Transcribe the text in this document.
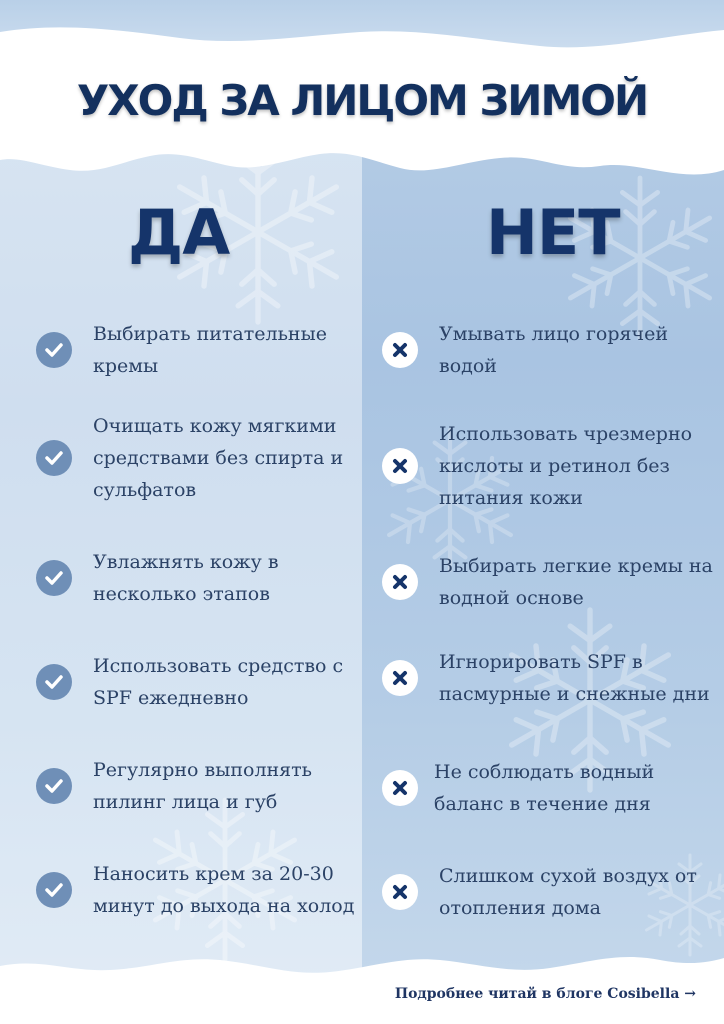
УХОД ЗА ЛИЦОМ ЗИМОЙ
ДА	НЕТ
Выбирать питательные кремы
Очищать кожу мягкими средствами без спирта и сульфатов
Увлажнять кожу в несколько этапов
Использовать средство с SPF ежедневно
Регулярно выполнять пилинг лица и губ
Наносить крем за 20-30 минут до выхода на холод
Умывать лицо горячей водой
Использовать чрезмерно кислоты и ретинол без питания кожи
Выбирать легкие кремы на водной основе
Игнорировать SPF в пасмурные и снежные дни
Не соблюдать водный баланс в течение дня
Слишком сухой воздух от отопления дома
Подробнее читай в блоге Cosibella →
